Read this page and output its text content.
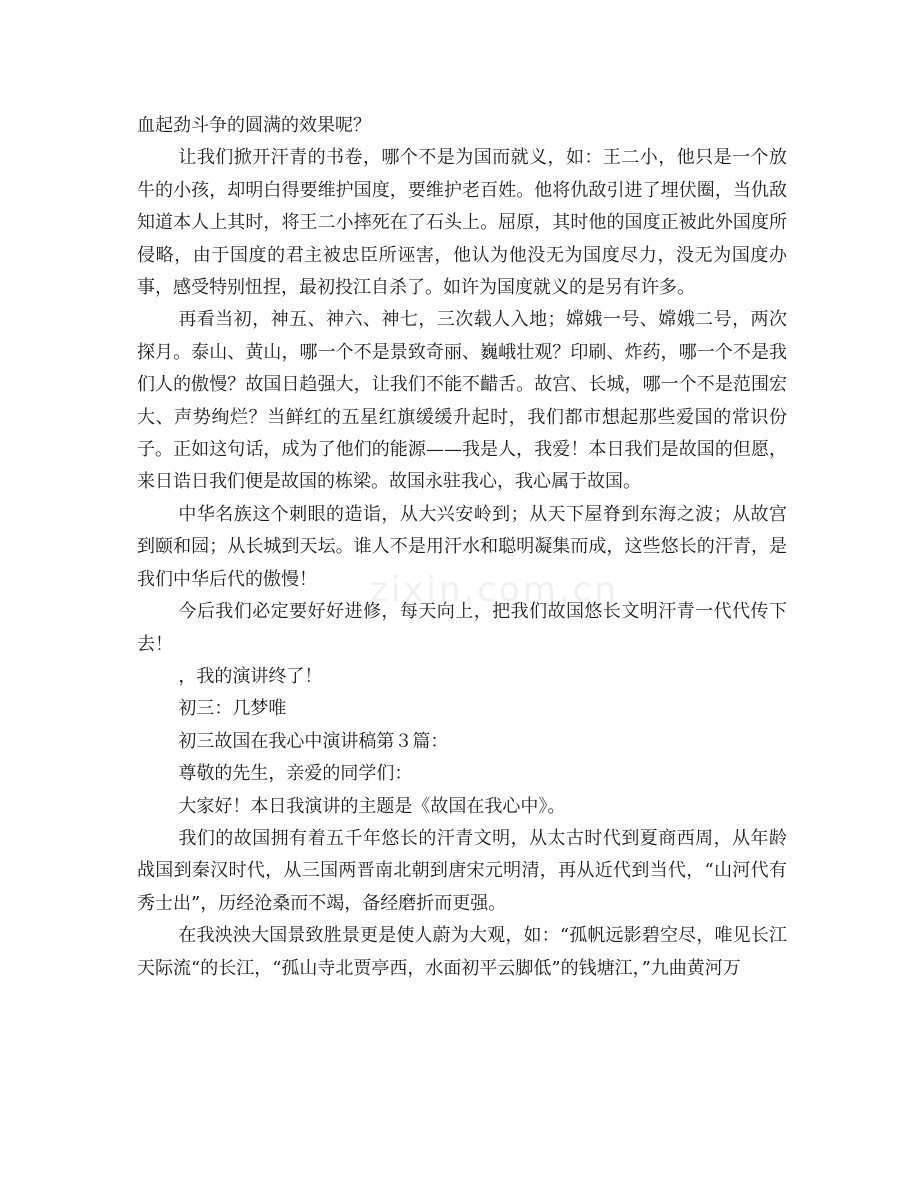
血起劲斗争的圆满的效果呢？

让我们掀开汗青的书卷，哪个不是为国而就义，如：王二小，他只是一个放牛的小孩，却明白得要维护国度，要维护老百姓。他将仇敌引进了埋伏圈，当仇敌知道本人上其时，将王二小摔死在了石头上。屈原，其时他的国度正被此外国度所侵略，由于国度的君主被忠臣所诬害，他认为他没无为国度尽力，没无为国度办事，感受特别忸捏，最初投江自杀了。如许为国度就义的是另有许多。

再看当初，神五、神六、神七，三次载人入地；嫦娥一号、嫦娥二号，两次探月。泰山、黄山，哪一个不是景致奇丽、巍峨壮观？印刷、炸药，哪一个不是我们人的傲慢？故国日趋强大，让我们不能不齰舌。故宫、长城，哪一个不是范围宏大、声势绚烂？当鲜红的五星红旗缓缓升起时，我们都市想起那些爱国的常识份子。正如这句话，成为了他们的能源——我是人，我爱！本日我们是故国的但愿，来日诰日我们便是故国的栋梁。故国永驻我心，我心属于故国。

中华名族这个刺眼的造诣，从大兴安岭到；从天下屋脊到东海之波；从故宫到颐和园；从长城到天坛。谁人不是用汗水和聪明凝集而成，这些悠长的汗青，是我们中华后代的傲慢！

今后我们必定要好好进修，每天向上，把我们故国悠长文明汗青一代代传下去！

，我的演讲终了！

初三：几梦唯

初三故国在我心中演讲稿第３篇：

尊敬的先生，亲爱的同学们：

大家好！本日我演讲的主题是《故国在我心中》。

我们的故国拥有着五千年悠长的汗青文明，从太古时代到夏商西周，从年龄战国到秦汉时代，从三国两晋南北朝到唐宋元明清，再从近代到当代，“山河代有秀士出”，历经沧桑而不竭，备经磨折而更强。

在我泱泱大国景致胜景更是使人蔚为大观，如：“孤帆远影碧空尽，唯见长江天际流“的长江，“孤山寺北贾亭西，水面初平云脚低”的钱塘江，”九曲黄河万

zixin.com.cn
